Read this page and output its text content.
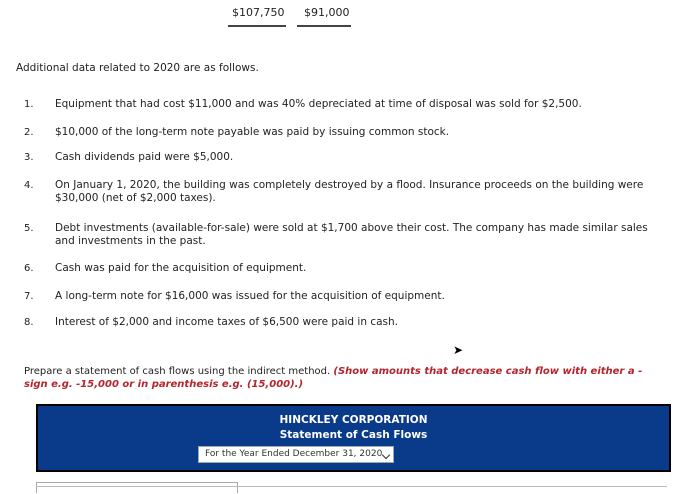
$107,750 $91,000
Additional data related to 2020 are as follows.
1. Equipment that had cost $11,000 and was 40% depreciated at time of disposal was sold for $2,500.
2. $10,000 of the long-term note payable was paid by issuing common stock.
3. Cash dividends paid were $5,000.
4. On January 1, 2020, the building was completely destroyed by a flood. Insurance proceeds on the building were $30,000 (net of $2,000 taxes).
5. Debt investments (available-for-sale) were sold at $1,700 above their cost. The company has made similar sales and investments in the past.
6. Cash was paid for the acquisition of equipment.
7. A long-term note for $16,000 was issued for the acquisition of equipment.
8. Interest of $2,000 and income taxes of $6,500 were paid in cash.
➤
Prepare a statement of cash flows using the indirect method. (Show amounts that decrease cash flow with either a - sign e.g. -15,000 or in parenthesis e.g. (15,000).)
HINCKLEY CORPORATION
Statement of Cash Flows
For the Year Ended December 31, 2020
